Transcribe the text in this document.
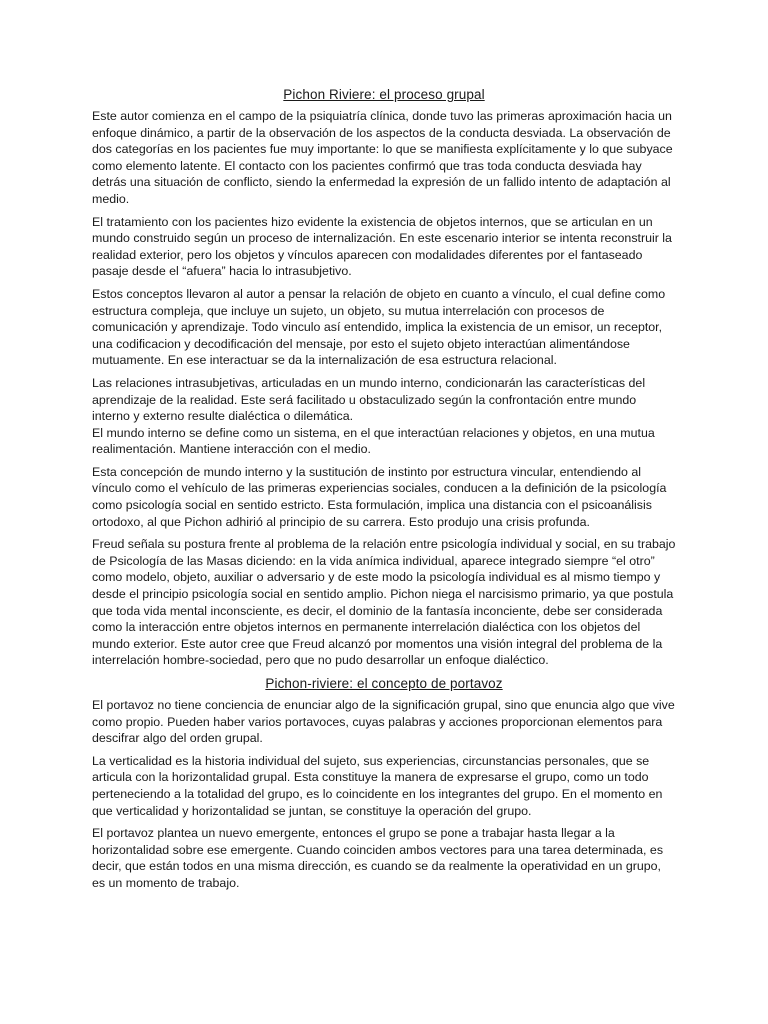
Pichon Riviere: el proceso grupal

Este autor comienza en el campo de la psiquiatría clínica, donde tuvo las primeras aproximación hacia un enfoque dinámico, a partir de la observación de los aspectos de la conducta desviada. La observación de dos categorías en los pacientes fue muy importante: lo que se manifiesta explícitamente y lo que subyace como elemento latente. El contacto con los pacientes confirmó que tras toda conducta desviada hay detrás una situación de conflicto, siendo la enfermedad la expresión de un fallido intento de adaptación al medio.

El tratamiento con los pacientes hizo evidente la existencia de objetos internos, que se articulan en un mundo construido según un proceso de internalización. En este escenario interior se intenta reconstruir la realidad exterior, pero los objetos y vínculos aparecen con modalidades diferentes por el fantaseado pasaje desde el “afuera” hacia lo intrasubjetivo.

Estos conceptos llevaron al autor a pensar la relación de objeto en cuanto a vínculo, el cual define como estructura compleja, que incluye un sujeto, un objeto, su mutua interrelación con procesos de comunicación y aprendizaje. Todo vinculo así entendido, implica la existencia de un emisor, un receptor, una codificacion y decodificación del mensaje, por esto el sujeto objeto interactúan alimentándose mutuamente. En ese interactuar se da la internalización de esa estructura relacional.

Las relaciones intrasubjetivas, articuladas en un mundo interno, condicionarán las características del aprendizaje de la realidad. Este será facilitado u obstaculizado según la confrontación entre mundo interno y externo resulte dialéctica o dilemática.
El mundo interno se define como un sistema, en el que interactúan relaciones y objetos, en una mutua realimentación. Mantiene interacción con el medio.

Esta concepción de mundo interno y la sustitución de instinto por estructura vincular, entendiendo al vínculo como el vehículo de las primeras experiencias sociales, conducen a la definición de la psicología como psicología social en sentido estricto. Esta formulación, implica una distancia con el psicoanálisis ortodoxo, al que Pichon adhirió al principio de su carrera. Esto produjo una crisis profunda.

Freud señala su postura frente al problema de la relación entre psicología individual y social, en su trabajo de Psicología de las Masas diciendo: en la vida anímica individual, aparece integrado siempre “el otro” como modelo, objeto, auxiliar o adversario y de este modo la psicología individual es al mismo tiempo y desde el principio psicología social en sentido amplio. Pichon niega el narcisismo primario, ya que postula que toda vida mental inconsciente, es decir, el dominio de la fantasía inconciente, debe ser considerada como la interacción entre objetos internos en permanente interrelación dialéctica con los objetos del mundo exterior. Este autor cree que Freud alcanzó por momentos una visión integral del problema de la interrelación hombre-sociedad, pero que no pudo desarrollar un enfoque dialéctico.

Pichon-riviere: el concepto de portavoz

El portavoz no tiene conciencia de enunciar algo de la significación grupal, sino que enuncia algo que vive como propio. Pueden haber varios portavoces, cuyas palabras y acciones proporcionan elementos para descifrar algo del orden grupal.

La verticalidad es la historia individual del sujeto, sus experiencias, circunstancias personales, que se articula con la horizontalidad grupal. Esta constituye la manera de expresarse el grupo, como un todo perteneciendo a la totalidad del grupo, es lo coincidente en los integrantes del grupo. En el momento en que verticalidad y horizontalidad se juntan, se constituye la operación del grupo.

El portavoz plantea un nuevo emergente, entonces el grupo se pone a trabajar hasta llegar a la horizontalidad sobre ese emergente. Cuando coinciden ambos vectores para una tarea determinada, es decir, que están todos en una misma dirección, es cuando se da realmente la operatividad en un grupo, es un momento de trabajo.
